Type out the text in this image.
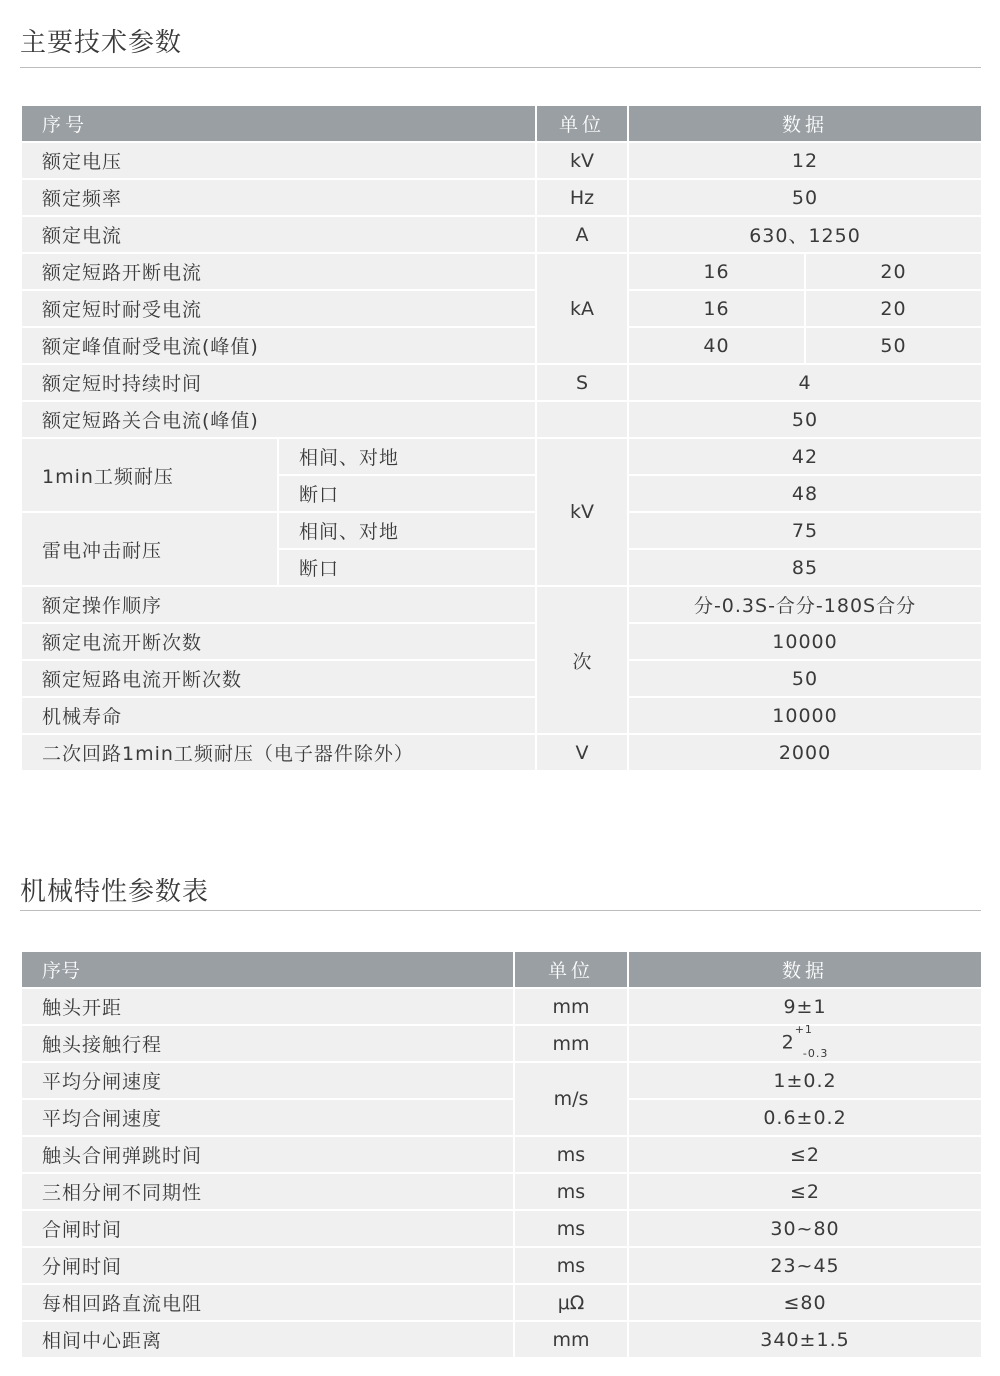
主要技术参数
序号		单位	数据	
额定电压		kV	12	
额定频率		Hz	50	
额定电流		A	630、1250	
额定短路开断电流		kA	16	20
额定短时耐受电流			16	20
额定峰值耐受电流(峰值)			40	50
额定短时持续时间		S	4	
额定短路关合电流(峰值)			50	
1min工频耐压	相间、对地	kV	42	
	断口		48	
雷电冲击耐压	相间、对地		75	
	断口		85	
额定操作顺序		次	分-0.3S-合分-180S合分	
额定电流开断次数			10000	
额定短路电流开断次数			50	
机械寿命			10000	
二次回路1min工频耐压（电子器件除外）		V	2000	
机械特性参数表
序号	单位	数据
触头开距	mm	9±1
触头接触行程	mm	$2^{+1}_{-0.3}$
平均分闸速度	m/s	1±0.2
平均合闸速度		0.6±0.2
触头合闸弹跳时间	ms	≤2
三相分闸不同期性	ms	≤2
合闸时间	ms	30~80
分闸时间	ms	23~45
每相回路直流电阻	μΩ	≤80
相间中心距离	mm	340±1.5
